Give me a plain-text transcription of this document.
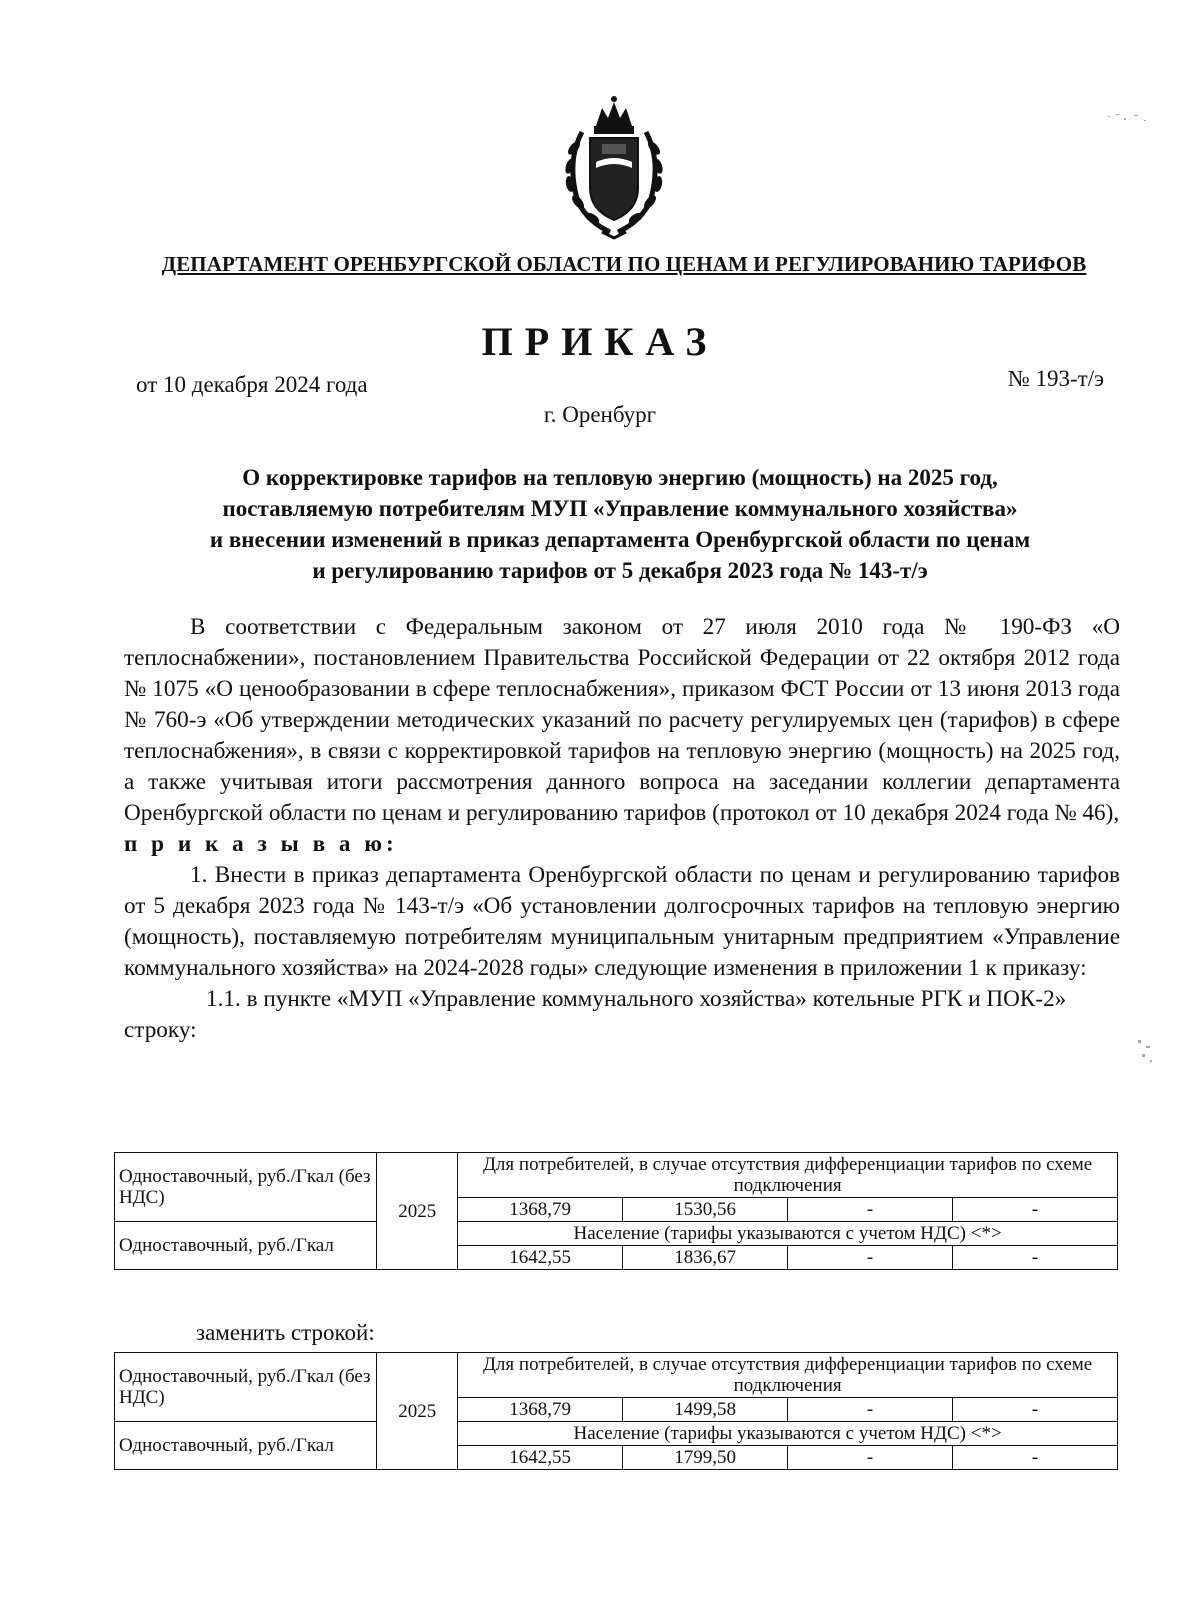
ДЕПАРТАМЕНТ ОРЕНБУРГСКОЙ ОБЛАСТИ ПО ЦЕНАМ И РЕГУЛИРОВАНИЮ ТАРИФОВ
ПРИКАЗ
от 10 декабря 2024 года	№ 193-т/э
г. Оренбург
О корректировке тарифов на тепловую энергию (мощность) на 2025 год,
поставляемую потребителям МУП «Управление коммунального хозяйства»
и внесении изменений в приказ департамента Оренбургской области по ценам
и регулированию тарифов от 5 декабря 2023 года № 143-т/э

В соответствии с Федеральным законом от 27 июля 2010 года № 190-ФЗ «О теплоснабжении», постановлением Правительства Российской Федерации от 22 октября 2012 года № 1075 «О ценообразовании в сфере теплоснабжения», приказом ФСТ России от 13 июня 2013 года № 760-э «Об утверждении методических указаний по расчету регулируемых цен (тарифов) в сфере теплоснабжения», в связи с корректировкой тарифов на тепловую энергию (мощность) на 2025 год, а также учитывая итоги рассмотрения данного вопроса на заседании коллегии департамента Оренбургской области по ценам и регулированию тарифов (протокол от 10 декабря 2024 года № 46),

п р и к а з ы в а ю:

1. Внести в приказ департамента Оренбургской области по ценам и регулированию тарифов от 5 декабря 2023 года № 143-т/э «Об установлении долгосрочных тарифов на тепловую энергию (мощность), поставляемую потребителям муниципальным унитарным предприятием «Управление коммунального хозяйства» на 2024-2028 годы» следующие изменения в приложении 1 к приказу:

1.1. в пункте «МУП «Управление коммунального хозяйства» котельные РГК и ПОК-2» строку:

Одноставочный, руб./Гкал (без НДС)	2025	Для потребителей, в случае отсутствия дифференциации тарифов по схеме подключения			
		1368,79	1530,56	-	-
Одноставочный, руб./Гкал		Население (тарифы указываются с учетом НДС) <*>			
		1642,55	1836,67	-	-
заменить строкой:
Одноставочный, руб./Гкал (без НДС)	2025	Для потребителей, в случае отсутствия дифференциации тарифов по схеме подключения			
		1368,79	1499,58	-	-
Одноставочный, руб./Гкал		Население (тарифы указываются с учетом НДС) <*>			
		1642,55	1799,50	-	-
